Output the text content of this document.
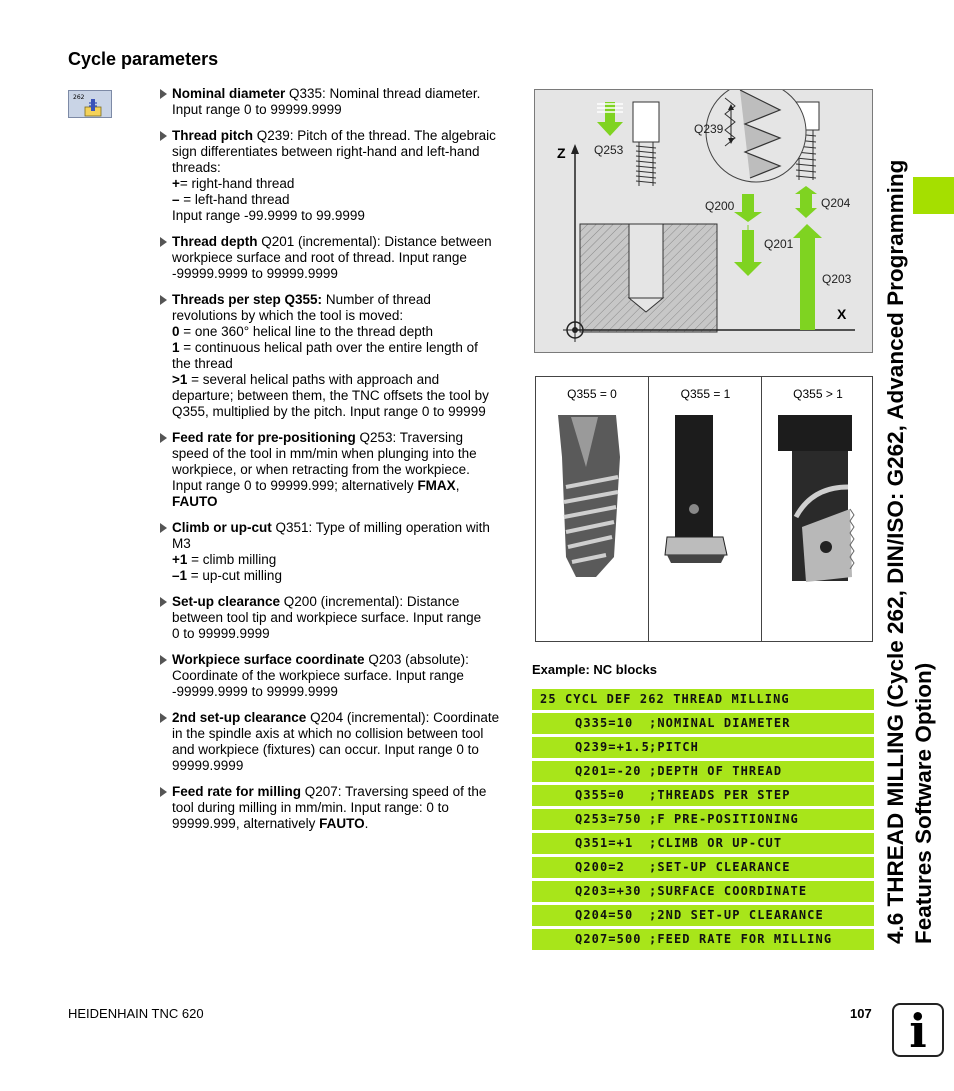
Cycle parameters
262	Nominal diameter Q335: Nominal thread diameter.
Input range 0 to 99999.9999
Thread pitch Q239: Pitch of the thread. The algebraic
sign differentiates between right-hand and left-hand
threads:
+= right-hand thread
– = left-hand thread
Input range -99.9999 to 99.9999
Thread depth Q201 (incremental): Distance between
workpiece surface and root of thread. Input range
-99999.9999 to 99999.9999
Threads per step Q355: Number of thread
revolutions by which the tool is moved:
0 = one 360° helical line to the thread depth
1 = continuous helical path over the entire length of
the thread
>1 = several helical paths with approach and
departure; between them, the TNC offsets the tool by
Q355, multiplied by the pitch. Input range 0 to 99999
Feed rate for pre-positioning Q253: Traversing
speed of the tool in mm/min when plunging into the
workpiece, or when retracting from the workpiece.
Input range 0 to 99999.999; alternatively FMAX,
FAUTO
Climb or up-cut Q351: Type of milling operation with
M3
+1 = climb milling
–1 = up-cut milling
Set-up clearance Q200 (incremental): Distance
between tool tip and workpiece surface. Input range
0 to 99999.9999
Workpiece surface coordinate Q203 (absolute):
Coordinate of the workpiece surface. Input range
-99999.9999 to 99999.9999
2nd set-up clearance Q204 (incremental): Coordinate
in the spindle axis at which no collision between tool
and workpiece (fixtures) can occur. Input range 0 to
99999.9999
Feed rate for milling Q207: Traversing speed of the
tool during milling in mm/min. Input range: 0 to
99999.999, alternatively FAUTO.
Z
X
Q239
Q253
Q200	Q204
Q201
Q203
Q355 = 0	Q355 = 1	Q355 > 1
Example: NC blocks
25 CYCL DEF 262 THREAD MILLING
Q335=10 ;NOMINAL DIAMETER
Q239=+1.5;PITCH
Q201=-20 ;DEPTH OF THREAD
Q355=0 ;THREADS PER STEP
Q253=750 ;F PRE-POSITIONING
Q351=+1 ;CLIMB OR UP-CUT
Q200=2 ;SET-UP CLEARANCE
Q203=+30 ;SURFACE COORDINATE
Q204=50 ;2ND SET-UP CLEARANCE
Q207=500 ;FEED RATE FOR MILLING	4.6 THREAD MILLING (Cycle 262, DIN/ISO: G262, Advanced Programming Features Software Option)
HEIDENHAIN TNC 620	107 i
